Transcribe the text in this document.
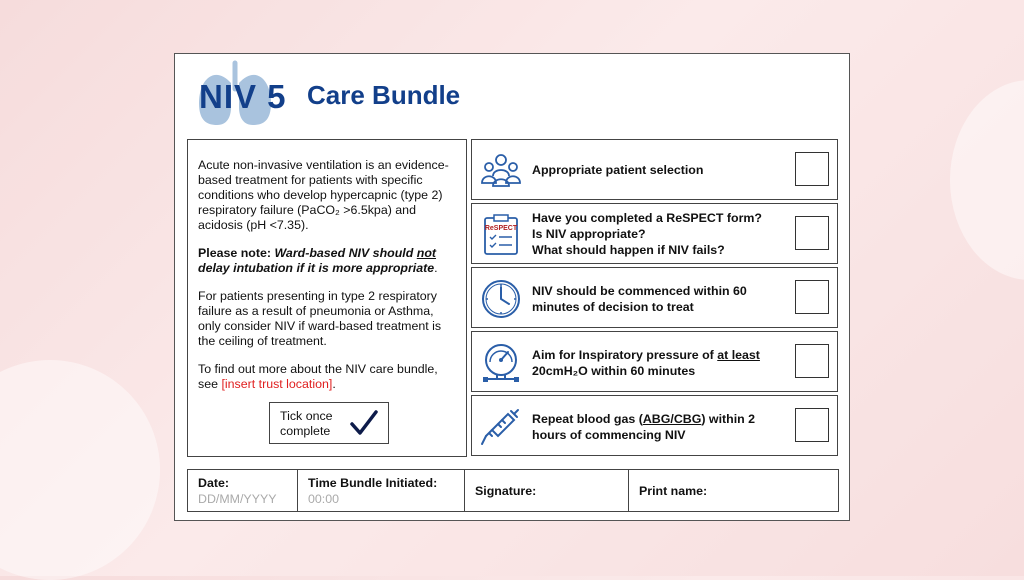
NIV 5 Care Bundle

Acute non-invasive ventilation is an evidence-based treatment for patients with specific conditions who develop hypercapnic (type 2) respiratory failure (PaCO₂ >6.5kpa) and acidosis (pH <7.35).

Please note: Ward-based NIV should not delay intubation if it is more appropriate.

For patients presenting in type 2 respiratory failure as a result of pneumonia or Asthma, only consider NIV if ward-based treatment is the ceiling of treatment.

To find out more about the NIV care bundle, see [insert trust location].

Tick once
complete
Appropriate patient selection
ReSPECT
Have you completed a ReSPECT form?
Is NIV appropriate?
What should happen if NIV fails?
NIV should be commenced within 60
minutes of decision to treat
Aim for Inspiratory pressure of at least
20cmH₂O within 60 minutes
Repeat blood gas (ABG/CBG) within 2
hours of commencing NIV
Date:
DD/MM/YYYY
Time Bundle Initiated:
00:00
Signature:	Print name:
